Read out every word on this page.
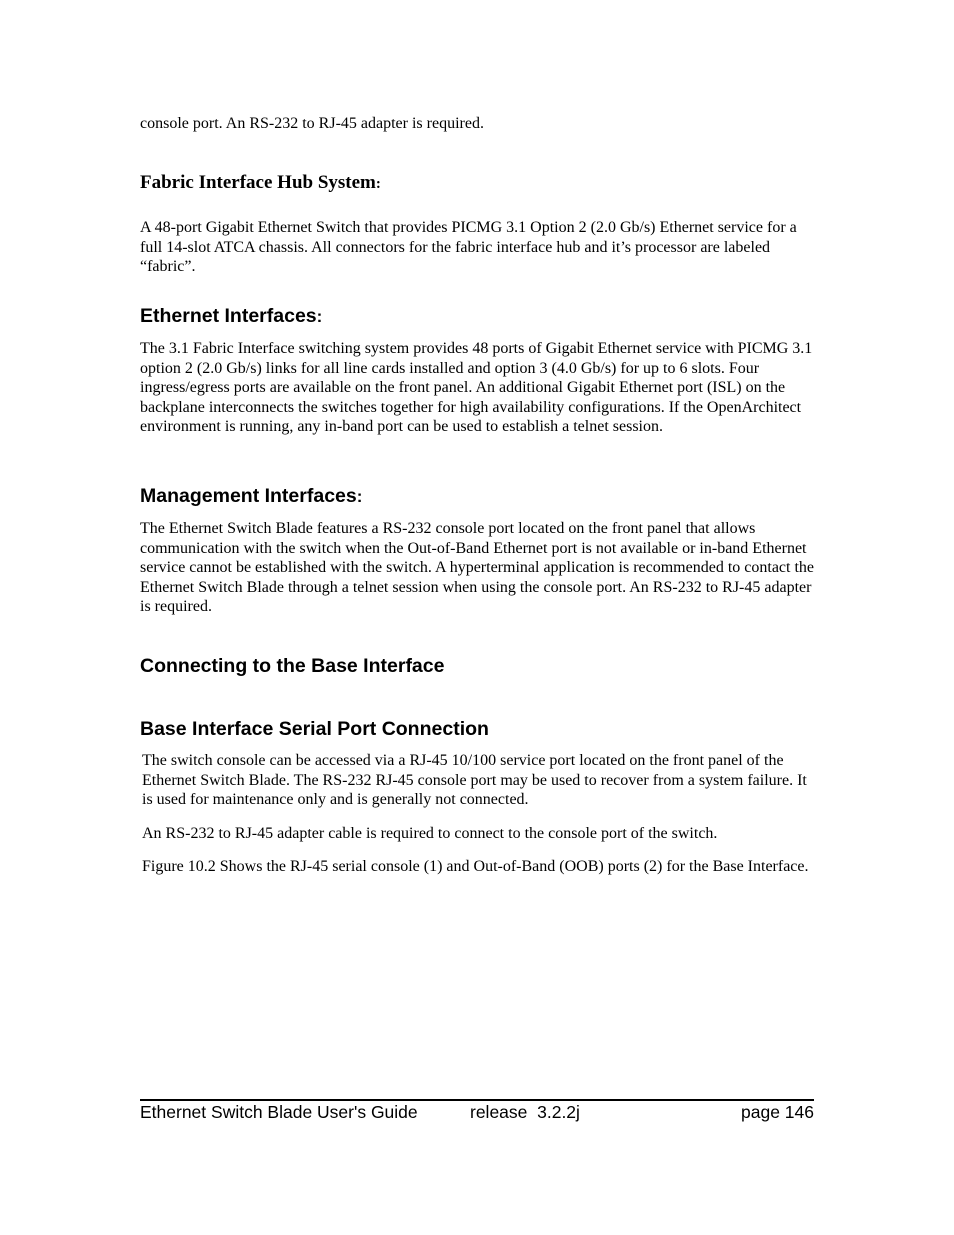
console port. An RS-232 to RJ-45 adapter is required.

Fabric Interface Hub System:

A 48-port Gigabit Ethernet Switch that provides PICMG 3.1 Option 2 (2.0 Gb/s) Ethernet service for a full 14-slot ATCA chassis. All connectors for the fabric interface hub and it’s processor are labeled “fabric”.

Ethernet Interfaces:

The 3.1 Fabric Interface switching system provides 48 ports of Gigabit Ethernet service with PICMG 3.1 option 2 (2.0 Gb/s) links for all line cards installed and option 3 (4.0 Gb/s) for up to 6 slots. Four ingress/egress ports are available on the front panel. An additional Gigabit Ethernet port (ISL) on the backplane interconnects the switches together for high availability configurations. If the OpenArchitect environment is running, any in-band port can be used to establish a telnet session.

Management Interfaces:

The Ethernet Switch Blade features a RS-232 console port located on the front panel that allows communication with the switch when the Out-of-Band Ethernet port is not available or in-band Ethernet service cannot be established with the switch. A hyperterminal application is recommended to contact the Ethernet Switch Blade through a telnet session when using the console port. An RS-232 to RJ-45 adapter is required.

Connecting to the Base Interface
Base Interface Serial Port Connection

The switch console can be accessed via a RJ-45 10/100 service port located on the front panel of the Ethernet Switch Blade. The RS-232 RJ-45 console port may be used to recover from a system failure. It is used for maintenance only and is generally not connected.

An RS-232 to RJ-45 adapter cable is required to connect to the console port of the switch.

Figure 10.2 Shows the RJ-45 serial console (1) and Out-of-Band (OOB) ports (2) for the Base Interface.

Ethernet Switch Blade User's Guide	release  3.2.2j	page 146
